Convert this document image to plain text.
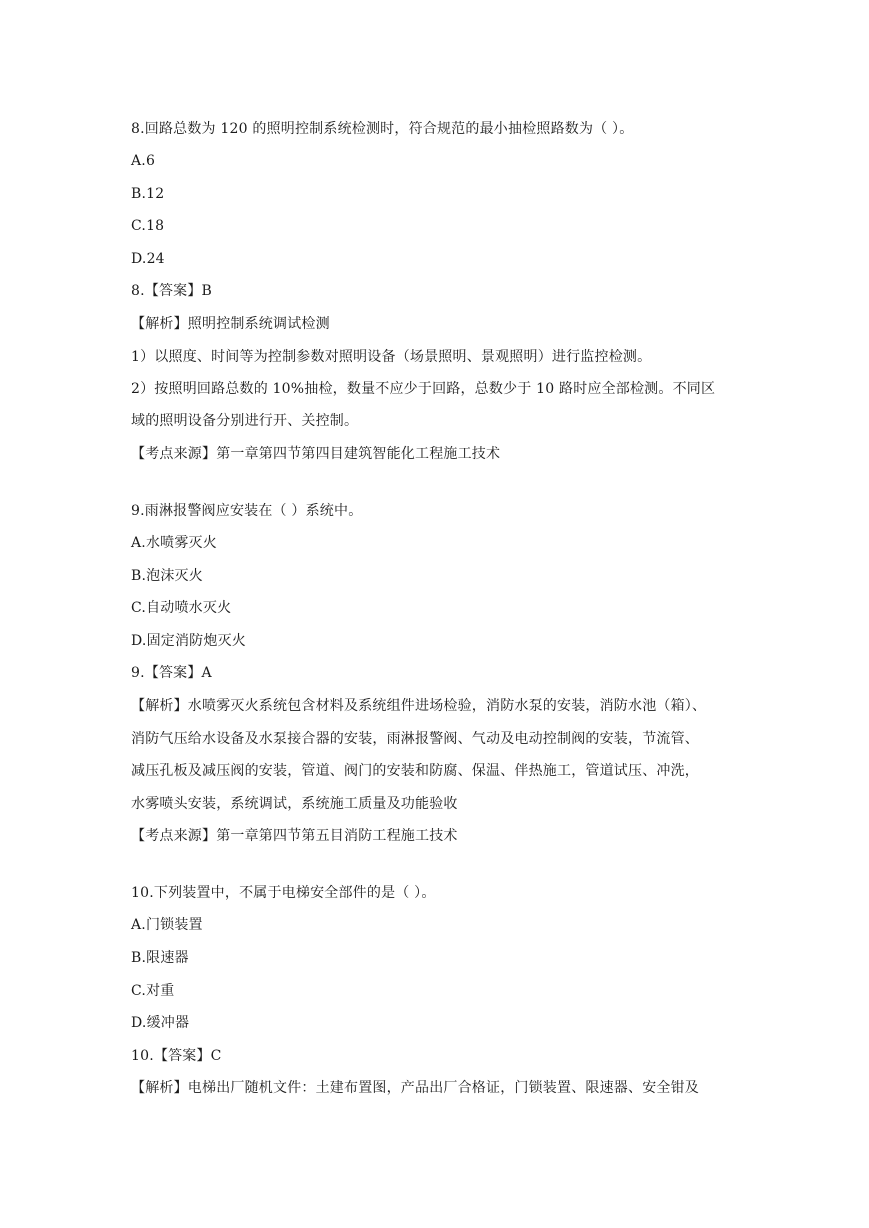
8.回路总数为 120 的照明控制系统检测时，符合规范的最小抽检照路数为（ ）。
A.6
B.12
C.18
D.24
8.【答案】B
【解析】照明控制系统调试检测
1）以照度、时间等为控制参数对照明设备（场景照明、景观照明）进行监控检测。
2）按照明回路总数的 10%抽检，数量不应少于回路，总数少于 10 路时应全部检测。不同区
域的照明设备分别进行开、关控制。
【考点来源】第一章第四节第四目建筑智能化工程施工技术
9.雨淋报警阀应安装在（ ）系统中。
A.水喷雾灭火
B.泡沫灭火
C.自动喷水灭火
D.固定消防炮灭火
9.【答案】A
【解析】水喷雾灭火系统包含材料及系统组件进场检验，消防水泵的安装，消防水池（箱）、
消防气压给水设备及水泵接合器的安装，雨淋报警阀、气动及电动控制阀的安装，节流管、
减压孔板及减压阀的安装，管道、阀门的安装和防腐、保温、伴热施工，管道试压、冲洗，
水雾喷头安装，系统调试，系统施工质量及功能验收
【考点来源】第一章第四节第五目消防工程施工技术
10.下列装置中，不属于电梯安全部件的是（ ）。
A.门锁装置
B.限速器
C.对重
D.缓冲器
10.【答案】C
【解析】电梯出厂随机文件：土建布置图，产品出厂合格证，门锁装置、限速器、安全钳及
